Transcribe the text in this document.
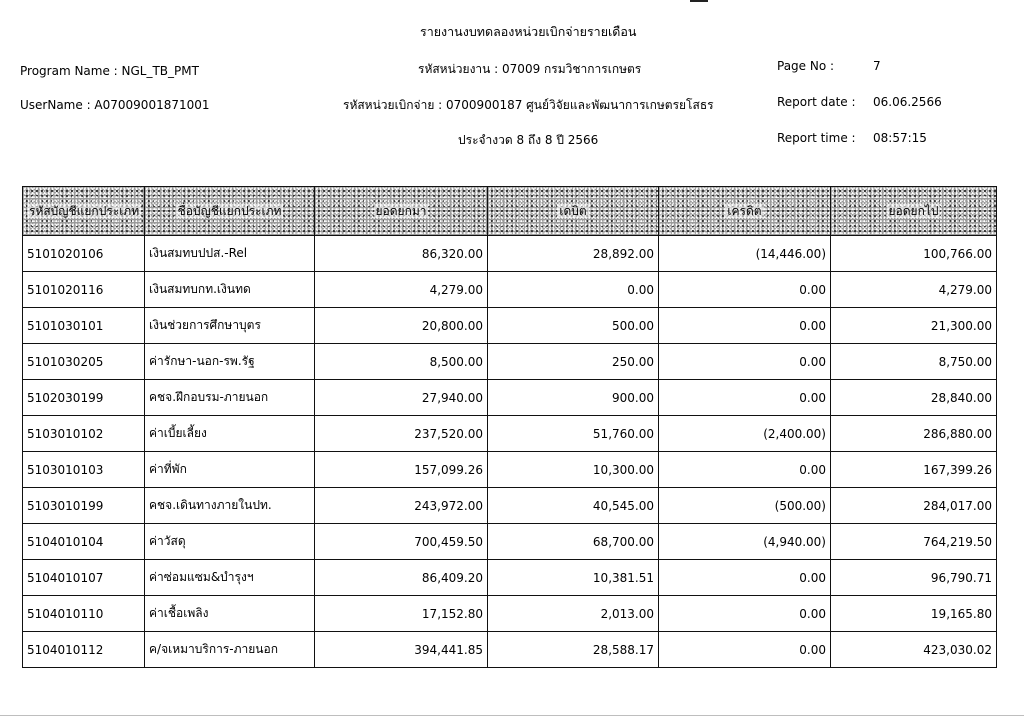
รายงานงบทดลองหน่วยเบิกจ่ายรายเดือน
Program Name : NGL_TB_PMT	รหัสหน่วยงาน : 07009 กรมวิชาการเกษตร	Page No :	7
UserName : A07009001871001	รหัสหน่วยเบิกจ่าย : 0700900187 ศูนย์วิจัยและพัฒนาการเกษตรยโสธร	Report date : 06.06.2566
ประจำงวด 8 ถึง 8 ปี 2566	Report time : 08:57:15
รหัสบัญชีแยกประเภท	ชื่อบัญชีแยกประเภท	ยอดยกมา	เดบิต	เครดิต	ยอดยกไป
5101020106	เงินสมทบปปส.-Rel	86,320.00	28,892.00	(14,446.00)	100,766.00
5101020116	เงินสมทบกท.เงินทด	4,279.00	0.00	0.00	4,279.00
5101030101	เงินช่วยการศึกษาบุตร	20,800.00	500.00	0.00	21,300.00
5101030205	ค่ารักษา-นอก-รพ.รัฐ	8,500.00	250.00	0.00	8,750.00
5102030199	คชจ.ฝึกอบรม-ภายนอก	27,940.00	900.00	0.00	28,840.00
5103010102	ค่าเบี้ยเลี้ยง	237,520.00	51,760.00	(2,400.00)	286,880.00
5103010103	ค่าที่พัก	157,099.26	10,300.00	0.00	167,399.26
5103010199	คชจ.เดินทางภายในปท.	243,972.00	40,545.00	(500.00)	284,017.00
5104010104	ค่าวัสดุ	700,459.50	68,700.00	(4,940.00)	764,219.50
5104010107	ค่าซ่อมแซม&บำรุงฯ	86,409.20	10,381.51	0.00	96,790.71
5104010110	ค่าเชื้อเพลิง	17,152.80	2,013.00	0.00	19,165.80
5104010112	ค/จเหมาบริการ-ภายนอก	394,441.85	28,588.17	0.00	423,030.02
